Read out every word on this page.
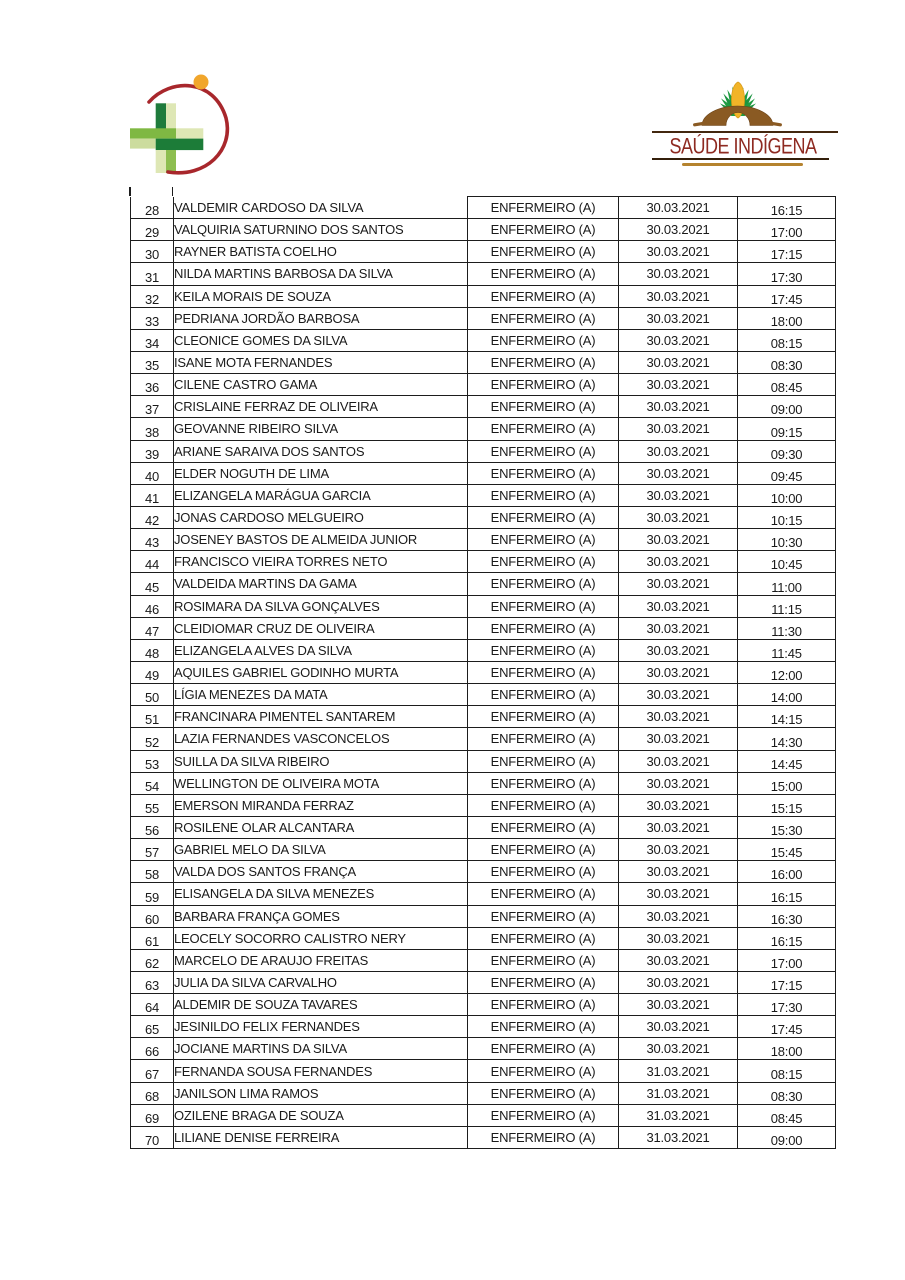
SAÚDE INDÍGENA
28	VALDEMIR CARDOSO DA SILVA	ENFERMEIRO (A)	30.03.2021	16:15
29	VALQUIRIA SATURNINO DOS SANTOS	ENFERMEIRO (A)	30.03.2021	17:00
30	RAYNER BATISTA COELHO	ENFERMEIRO (A)	30.03.2021	17:15
31	NILDA MARTINS BARBOSA DA SILVA	ENFERMEIRO (A)	30.03.2021	17:30
32	KEILA MORAIS DE SOUZA	ENFERMEIRO (A)	30.03.2021	17:45
33	PEDRIANA JORDÃO BARBOSA	ENFERMEIRO (A)	30.03.2021	18:00
34	CLEONICE GOMES DA SILVA	ENFERMEIRO (A)	30.03.2021	08:15
35	ISANE MOTA FERNANDES	ENFERMEIRO (A)	30.03.2021	08:30
36	CILENE CASTRO GAMA	ENFERMEIRO (A)	30.03.2021	08:45
37	CRISLAINE FERRAZ DE OLIVEIRA	ENFERMEIRO (A)	30.03.2021	09:00
38	GEOVANNE RIBEIRO SILVA	ENFERMEIRO (A)	30.03.2021	09:15
39	ARIANE SARAIVA DOS SANTOS	ENFERMEIRO (A)	30.03.2021	09:30
40	ELDER NOGUTH DE LIMA	ENFERMEIRO (A)	30.03.2021	09:45
41	ELIZANGELA MARÁGUA GARCIA	ENFERMEIRO (A)	30.03.2021	10:00
42	JONAS CARDOSO MELGUEIRO	ENFERMEIRO (A)	30.03.2021	10:15
43	JOSENEY BASTOS DE ALMEIDA JUNIOR	ENFERMEIRO (A)	30.03.2021	10:30
44	FRANCISCO VIEIRA TORRES NETO	ENFERMEIRO (A)	30.03.2021	10:45
45	VALDEIDA MARTINS DA GAMA	ENFERMEIRO (A)	30.03.2021	11:00
46	ROSIMARA DA SILVA GONÇALVES	ENFERMEIRO (A)	30.03.2021	11:15
47	CLEIDIOMAR CRUZ DE OLIVEIRA	ENFERMEIRO (A)	30.03.2021	11:30
48	ELIZANGELA ALVES DA SILVA	ENFERMEIRO (A)	30.03.2021	11:45
49	AQUILES GABRIEL GODINHO MURTA	ENFERMEIRO (A)	30.03.2021	12:00
50	LÍGIA MENEZES DA MATA	ENFERMEIRO (A)	30.03.2021	14:00
51	FRANCINARA PIMENTEL SANTAREM	ENFERMEIRO (A)	30.03.2021	14:15
52	LAZIA FERNANDES VASCONCELOS	ENFERMEIRO (A)	30.03.2021	14:30
53	SUILLA DA SILVA RIBEIRO	ENFERMEIRO (A)	30.03.2021	14:45
54	WELLINGTON DE OLIVEIRA MOTA	ENFERMEIRO (A)	30.03.2021	15:00
55	EMERSON MIRANDA FERRAZ	ENFERMEIRO (A)	30.03.2021	15:15
56	ROSILENE OLAR ALCANTARA	ENFERMEIRO (A)	30.03.2021	15:30
57	GABRIEL MELO DA SILVA	ENFERMEIRO (A)	30.03.2021	15:45
58	VALDA DOS SANTOS FRANÇA	ENFERMEIRO (A)	30.03.2021	16:00
59	ELISANGELA DA SILVA MENEZES	ENFERMEIRO (A)	30.03.2021	16:15
60	BARBARA FRANÇA GOMES	ENFERMEIRO (A)	30.03.2021	16:30
61	LEOCELY SOCORRO CALISTRO NERY	ENFERMEIRO (A)	30.03.2021	16:15
62	MARCELO DE ARAUJO FREITAS	ENFERMEIRO (A)	30.03.2021	17:00
63	JULIA DA SILVA CARVALHO	ENFERMEIRO (A)	30.03.2021	17:15
64	ALDEMIR DE SOUZA TAVARES	ENFERMEIRO (A)	30.03.2021	17:30
65	JESINILDO FELIX FERNANDES	ENFERMEIRO (A)	30.03.2021	17:45
66	JOCIANE MARTINS DA SILVA	ENFERMEIRO (A)	30.03.2021	18:00
67	FERNANDA SOUSA FERNANDES	ENFERMEIRO (A)	31.03.2021	08:15
68	JANILSON LIMA RAMOS	ENFERMEIRO (A)	31.03.2021	08:30
69	OZILENE BRAGA DE SOUZA	ENFERMEIRO (A)	31.03.2021	08:45
70	LILIANE DENISE FERREIRA	ENFERMEIRO (A)	31.03.2021	09:00
